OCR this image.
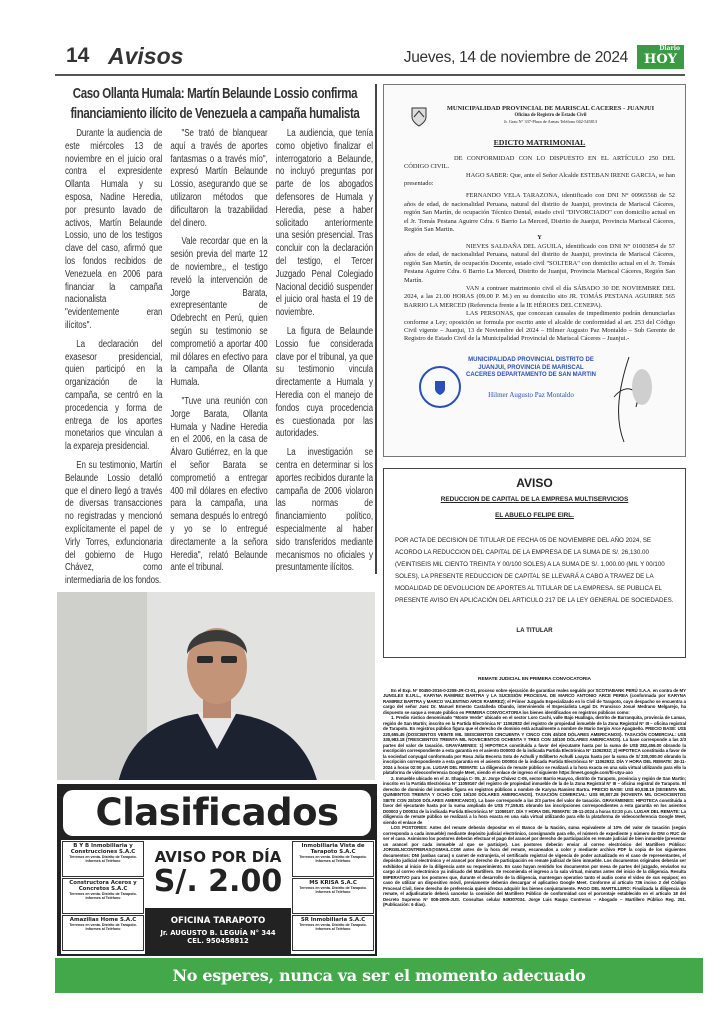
14 Avisos	Jueves, 14 de noviembre de 2024
Diario
HOY
Caso Ollanta Humala: Martín Belaunde Lossio confirma financiamiento ilícito de Venezuela a campaña humalista

Durante la audiencia de este miércoles 13 de noviembre en el juicio oral contra el expresidente Ollanta Humala y su esposa, Nadine Heredia, por presunto lavado de activos, Martín Belaunde Lossio, uno de los testigos clave del caso, afirmó que los fondos recibidos de Venezuela en 2006 para financiar la campaña nacionalista "evidentemente eran ilícitos".

La declaración del exasesor presidencial, quien participó en la organización de la campaña, se centró en la procedencia y forma de entrega de los aportes monetarios que vinculan a la expareja presidencial.

En su testimonio, Martín Belaunde Lossio detalló que el dinero llegó a través de diversas transacciones no registradas y mencionó explícitamente el papel de Virly Torres, exfuncionaria del gobierno de Hugo Chávez, como intermediaria de los fondos.

"Se trató de blanquear aquí a través de aportes fantasmas o a través mío", expresó Martín Belaunde Lossio, asegurando que se utilizaron métodos que dificultaron la trazabilidad del dinero.

Vale recordar que en la sesión previa del marte 12 de noviembre,, el testigo reveló la intervención de Jorge Barata, exrepresentante de Odebrecht en Perú, quien según su testimonio se comprometió a aportar 400 mil dólares en efectivo para la campaña de Ollanta Humala.

"Tuve una reunión con Jorge Barata, Ollanta Humala y Nadine Heredia en el 2006, en la casa de Álvaro Gutiérrez, en la que el señor Barata se comprometió a entregar 400 mil dólares en efectivo para la campaña, una semana después lo entregó y yo se lo entregué directamente a la señora Heredia", relató Belaunde ante el tribunal.

La audiencia, que tenía como objetivo finalizar el interrogatorio a Belaunde, no incluyó preguntas por parte de los abogados defensores de Humala y Heredia, pese a haber solicitado anteriormente una sesión presencial. Tras concluir con la declaración del testigo, el Tercer Juzgado Penal Colegiado Nacional decidió suspender el juicio oral hasta el 19 de noviembre.

La figura de Belaunde Lossio fue considerada clave por el tribunal, ya que su testimonio vincula directamente a Humala y Heredia con el manejo de fondos cuya procedencia es cuestionada por las autoridades.

La investigación se centra en determinar si los aportes recibidos durante la campaña de 2006 violaron las normas de financiamiento político, especialmente al haber sido transferidos mediante mecanismos no oficiales y presuntamente ilícitos.

Clasificados
B Y B Inmobiliaria y Construcciones S.A.C
Terrenos en venta. Distrito de Tarapoto. Informes al Teléfono
Constructora Aceros y Concretos S.A.C
Terrenos en venta. Distrito de Tarapoto. Informes al Teléfono
Amazilias Home S.A.C
Terrenos en venta. Distrito de Tarapoto. Informes al Teléfono
AVISO POR DÍA
S/. 2.00
OFICINA TARAPOTO
Jr. AUGUSTO B. LEGUÍA N° 344
CEL. 950458812
Inmobiliaria Vista de Tarapoto S.A.C
Terrenos en venta. Distrito de Tarapoto. Informes al Teléfono
MS KRISA S.A.C
Terrenos en venta. Distrito de Tarapoto. Informes al Teléfono
SR Inmobiliaria S.A.C
Terrenos en venta. Distrito de Tarapoto. Informes al Teléfono
MUNICIPALIDAD PROVINCIAL DE MARISCAL CACERES - JUANJUI
Oficina de Registro de Estado Civil
Jr. Grau N° 337-Plaza de Armas Teléfono 042-545813
EDICTO MATRIMONIAL

DE CONFORMIDAD CON LO DISPUESTO EN EL ARTÍCULO 250 DEL CÓDIGO CIVIL.

HAGO SABER: Que, ante el Señor Alcalde ESTEBAN IRENE GARCIA, se han presentado:

FERNANDO VELA TARAZONA, identificado con DNI N° 00965568 de 52 años de edad, de nacionalidad Peruana, natural del distrito de Juanjui, provincia de Mariscal Cáceres, región San Martín, de ocupación Técnico Dental, estado civil "DIVORCIADO" con domicilio actual en el Jr. Tomás Pestana Aguirre Cdra. 6 Barrio La Merced, Distrito de Juanjui, Provincia Mariscal Cáceres, Región San Martin.

Y

NIEVES SALDAÑA DEL AGUILA, identificado con DNI N° 01003854 de 57 años de edad, de nacionalidad Peruana, natural del distrito de Juanjui, provincia de Mariscal Cáceres, región San Martín, de ocupación Docente, estado civil "SOLTERA" con domicilio actual en el Jr. Tomás Pestana Aguirre Cdra. 6 Barrio La Merced, Distrito de Juanjui, Provincia Mariscal Cáceres, Región San Martín.

VAN a contraer matrimonio civil el día SÁBADO 30 DE NOVIEMBRE DEL 2024, a las 21.00 HORAS (09.00 P. M.) en su domicilio sito JR. TOMÁS PESTANA AGUIRRE 565 BARRIO LA MERCED (Referencia frente a la IE HÉROES DEL CENEPA).

LAS PERSONAS, que conozcan causales de impedimento podrán denunciarlas conforme a Ley; oposición se formula por escrito ante el alcalde de conformidad al art. 253 del Código Civil vigente – Juanjui, 13 de Noviembre del 2024 – Hilmer Augusto Paz Montaldo – Sub Gerente de Registro de Estado Civil de la Municipalidad Provincial de Mariscal Cáceres – Juanjui.-

MUNICIPALIDAD PROVINCIAL DISTRITO DE JUANJUI, PROVINCIA DE MARISCAL CACERES DEPARTAMENTO DE SAN MARTIN
Hilmer Augusto Paz Montaldo
AVISO
REDUCCION DE CAPITAL DE LA EMPRESA MULTISERVICIOS
EL ABUELO FELIPE EIRL.
POR ACTA DE DECISION DE TITULAR DE FECHA 05 DE NOVIEMBRE DEL AÑO 2024, SE ACORDO LA REDUCCION DEL CAPITAL DE LA EMPRESA DE LA SUMA DE S/. 26,130.00 (VEINTISEIS MIL CIENTO TREINTA Y 00/100 SOLES) A LA SUMA DE S/. 1,000.00 (MIL Y 00/100 SOLES), LA PRESENTE REDUCCION DE CAPITAL SE LLEVARÁ A CABO A TRAVEZ DE LA MODALIDAD DE DEVOLUCION DE APORTES AL TITULAR DE LA EMPRESA. SE PUBLICA EL PRESENTE AVISO EN APLICACIÓN DEL ARTICULO 217 DE LA LEY GENERAL DE SOCIEDADES.
LA TITULAR
REMATE JUDICIAL EN PRIMERA CONVOCATORIA

En el Exp. N° 00450-2016-0-2208-JR-CI-01, proceso sobre ejecución de garantías reales seguido por SCOTIABANK PERÚ S.A.A. en contra de MY JUNGLEX E.I.R.L., KARYNA RAMIREZ BARTRA y LA SUCESIÓN PROCESAL DE MARCO ANTONIO ARCE PEREA (conformada por KARYNA RAMIREZ BARTRA y MARCO VALENTINO ARCE RAMIREZ); el Primer Juzgado Especializado en lo Civil de Tarapoto, cuyo despacho se encuentra a cargo del señor Juez Dr. Manuel Ernesto Castañeda Obando, interviniendo el Especialista Legal Dr. Francisco Josué Medrano Melgarejo, ha dispuesto se saque a remate público en PRIMERA CONVOCATORIA los bienes identificados en registros públicos como:

1. Predio rústico denominado "Monte Verde" ubicado en el sector Loro Cachi, valle Bajo Huallaga, distrito de Barranquita, provincia de Lamas, región de San Martín; inscrito en la Partida Electrónica N° 11062932 del registro de propiedad inmueble de la Zona Registral N° III – oficina registral de Tarapoto. En registros público figura que el derecho de dominio está actualmente a nombre de Mario Sergio Arce Apagüeño. PRECIO BASE: US$ 220,655.45 (DOSCIENTOS VEINTE MIL SEISCIENTOS CINCUENTA Y CINCO CON 45/100 DÓLARES AMERICANOS). TASACIÓN COMERCIAL: US$ 330,983.18 (TRESCIENTOS TREINTA MIL NOVECIENTOS OCHENTA Y TRES CON 18/100 DÓLARES AMERICANOS). La base corresponde a las 2/3 partes del valor de tasación. GRAVÁMENES: 1) HIPOTECA constituida a favor del ejecutante hasta por la suma de US$ 282,456.00 obrando la inscripción correspondiente a esta garantía en el asiento D00003 de la indicada Partida Electrónica N° 11062932; 2) HIPOTECA constituida a favor de la sociedad conyugal conformada por Rosa Julia Becerra Sota de Achulli y Edilberto Achulli Loayza hasta por la suma de S/ 330,000.00 obrando la inscripción correspondiente a esta garantía en el asiento D00004 de la indicada Partida Electrónica N° 11062932. DÍA Y HORA DEL REMATE: 28-11-2024 a horas 02:00 p.m. LUGAR DEL REMATE: La diligencia de remate público se realizará a la hora exacta en una sala virtual utilizando para ello la plataforma de videoconferencia Google Meet, siendo el enlace de ingreso el siguiente https://meet.google.com/fti-utyu-axo

2. Inmueble ubicado en el Jr. Shapaja C- 05, Jr. Jorge Chávez C-05, sector Barrio Huayco, distrito de Tarapoto, provincia y región de San Martín; inscrito en la Partida Electrónica N° 11059167 del registro de propiedad inmueble de la de la Zona Registral N° III – oficina registral de Tarapoto. El derecho de dominio del inmueble figura en registros públicos a nombre de Karyna Ramirez Bartra. PRECIO BASE: US$ 60,538.19 (SESENTA MIL QUINIENTOS TREINTA Y OCHO CON 19/100 DÓLARES AMERICANOS). TASACIÓN COMERCIAL: US$ 90,807.28 (NOVENTA MIL OCHOCIENTOS SIETE CON 28/100 DÓLARES AMERICANOS). La base corresponde a las 2/3 partes del valor de tasación. GRAVÁMENES: HIPOTECA constituida a favor del ejecutante hasta por la suma ampliada de US$ 77,155.81 obrando las inscripciones correspondientes a esta garantía en los asientos D00003 y D00034 de la indicada Partida Electrónica N° 11059167. DÍA Y HORA DEL REMATE: 28-11-2024 a horas 02:20 p.m. LUGAR DEL REMATE: La diligencia de remate público se realizará a la hora exacta en una sala virtual utilizando para ello la plataforma de videoconferencia Google Meet, siendo el enlace de

LOS POSTORES: Antes del remate deberán depositar en el Banco de la Nación, suma equivalente al 10% del valor de tasación (según corresponda a cada inmueble) mediante depósito judicial electrónico, consignando para ello, el número de expediente y número de DNI o RUC de ser el caso. Asimismo los postores deberán efectuar el pago del arancel por derecho de participación en remate judicial de bien inmueble (presentar un arancel por cada inmueble al que se participe). Los postores deberán enviar al correo electrónico del Martillero Público: JORGELNCONTRERAS@GMAIL.COM antes de la hora del remate, escaneados a color y mediante archivo PDF la copia de los siguientes documentos: DNI (ambas caras) o carnet de extranjería, el certificado registral de vigencia de poder actualizado en el caso de representantes, el depósito judicial electrónico y el arancel por derecho de participación en remate judicial de bien inmueble. Los documentos originales deberán ser exhibidos al inicio de la diligencia ante su requerimiento. En caso hayan remitido los documentos por mesa de partes del juzgado, enviarlos su cargo al correo electrónico ya indicado del Martillero. Se recomienda el ingreso a la sala virtual, minutos antes del inicio de la diligencia. Resulta IMPERATIVO para los postores que, durante el desarrollo de la diligencia, mantengan operativo tanto el audio como el video de sus equipos; en caso de utilizar un dispositivo móvil, previamente deberán descargar el aplicativo Google Meet. Conforme al artículo 736 inciso 2 del Código Procesal Civil, tiene derecho de preferencia quien ofrezca adquirir los bienes conjuntamente. PAGO DEL MARTILLERO: Finalizada la diligencia de remate, el adjudicatario deberá cancelar la comisión del Martillero Público de conformidad con el porcentaje establecido en el artículo 18 del Decreto Supremo N° 008-2005-JUS. Consultas celular 949307034. Jorge Luis Raupa Contreras – Abogado – Martillero Público Reg. 251. (Publicación: 6 días).

No esperes, nunca va ser el momento adecuado
